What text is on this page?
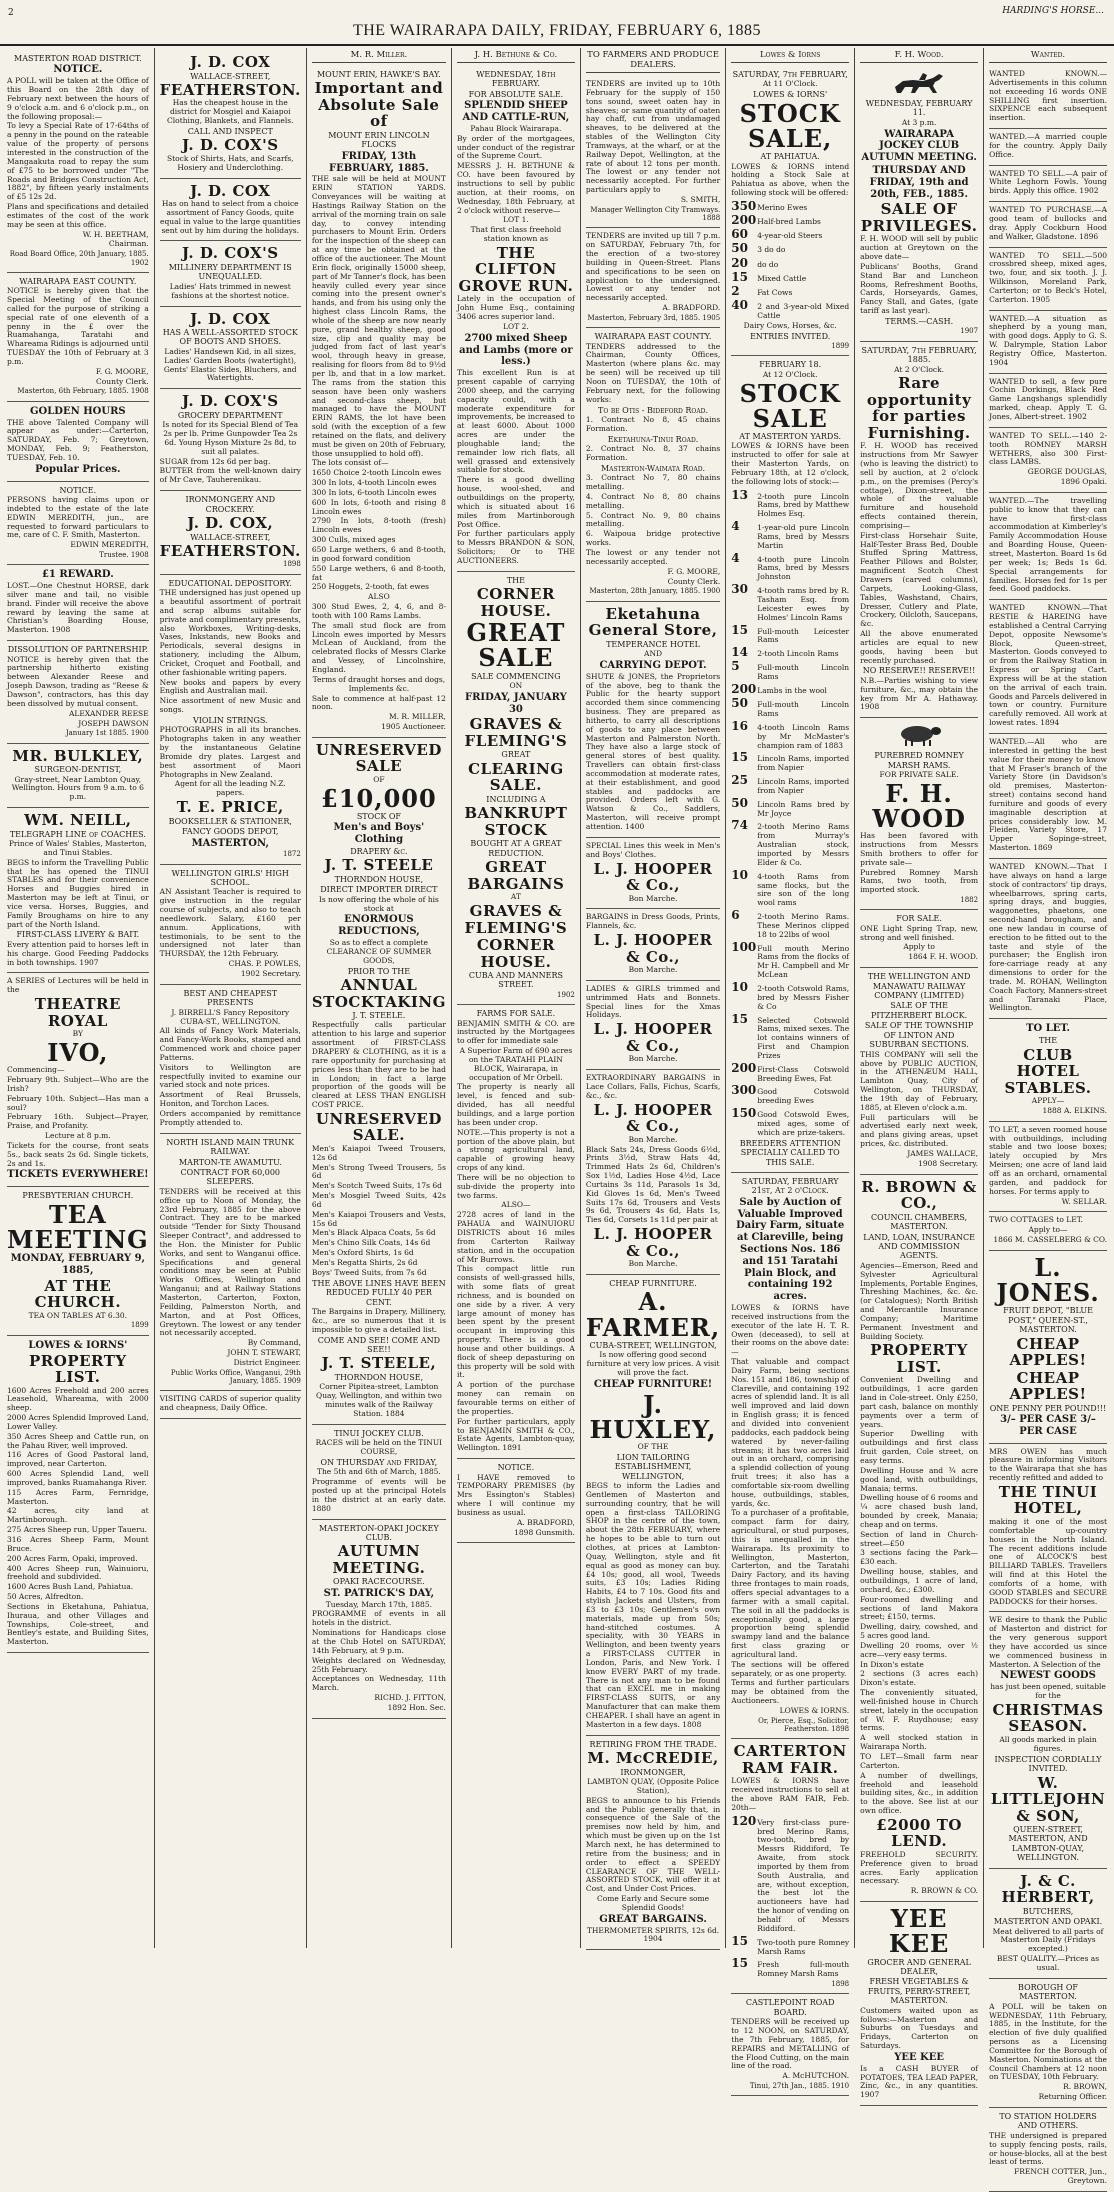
2
THE WAIRARAPA DAILY, FRIDAY, FEBRUARY 6, 1885
HARDING'S HORSE...

MASTERTON ROAD DISTRICT.

NOTICE.

A POLL will be taken at the Office of this Board on the 28th day of February next between the hours of 9 o'clock a.m. and 6 o'clock p.m., on the following proposal:—

To levy a Special Rate of 17-64ths of a penny in the pound on the rateable value of the property of persons interested in the construction of the Mangaakuta road to repay the sum of £75 to be borrowed under "The Roads and Bridges Construction Act, 1882", by fifteen yearly instalments of £5 12s 2d.

Plans and specifications and detailed estimates of the cost of the work may be seen at this office.

W. H. BEETHAM,

Chairman.

Road Board Office, 20th January, 1885. 1902

WAIRARAPA EAST COUNTY.

NOTICE is hereby given that the Special Meeting of the Council called for the purpose of striking a special rate of one eleventh of a penny in the £ over the Ruamahanga, Taratahi and Whareama Ridings is adjourned until TUESDAY the 10th of February at 3 p.m.

F. G. MOORE,

County Clerk.

Masterton, 6th February, 1885. 1908

GOLDEN HOURS

THE above Talented Company will appear as under:—Carterton, SATURDAY, Feb. 7; Greytown, MONDAY, Feb. 9; Featherston, TUESDAY, Feb. 10.

Popular Prices.

NOTICE.

PERSONS having claims upon or indebted to the estate of the late EDWIN MEREDITH, jun., are requested to forward particulars to me, care of C. F. Smith, Masterton.

EDWIN MEREDITH,

Trustee. 1908

£1 REWARD.

LOST.—One Chestnut HORSE, dark silver mane and tail, no visible brand. Finder will receive the above reward by leaving the same at Christian's Boarding House, Masterton. 1908

DISSOLUTION OF PARTNERSHIP.

NOTICE is hereby given that the partnership hitherto existing between Alexander Reese and Joseph Dawson, trading as "Reese & Dawson", contractors, has this day been dissolved by mutual consent.

ALEXANDER REESE

JOSEPH DAWSON

January 1st 1885. 1900

MR. BULKLEY,

SURGEON-DENTIST,

Gray-street, Near Lambton Quay, Wellington. Hours from 9 a.m. to 6 p.m.

WM. NEILL,

TELEGRAPH LINE of COACHES.

Prince of Wales' Stables, Masterton, and Tinui Stables.

BEGS to inform the Travelling Public that he has opened the TINUI STABLES and for their convenience Horses and Buggies hired in Masterton may be left at Tinui, or vice versa. Horses, Buggies, and Family Broughams on hire to any part of the North Island.

FIRST-CLASS LIVERY & BAIT.

Every attention paid to horses left in his charge. Good Feeding Paddocks in both townships. 1907

A SERIES of Lectures will be held in the

THEATRE ROYAL

BY

IVO,

Commencing—

February 9th. Subject—Who are the Irish?

February 10th. Subject—Has man a soul?

February 16th. Subject—Prayer, Praise, and Profanity.

Lecture at 8 p.m.

Tickets for the course, front seats 5s., back seats 2s 6d. Single tickets, 2s and 1s.

TICKETS EVERYWHERE!

PRESBYTERIAN CHURCH.

TEA MEETING

MONDAY, FEBRUARY 9, 1885,

AT THE CHURCH.

TEA ON TABLES AT 6.30.

1899

LOWES & IORNS'

PROPERTY LIST.

1600 Acres Freehold and 200 acres Leasehold, Whareama, with 2000 sheep.

2000 Acres Splendid Improved Land, Lower Valley.

350 Acres Sheep and Cattle run, on the Pahau River, well improved.

116 Acres of Good Pastoral land, improved, near Carterton.

600 Acres Splendid Land, well improved, banks Ruamahanga River.

115 Acres Farm, Fernridge, Masterton.

42 acres, city land at Martinborough.

275 Acres Sheep run, Upper Taueru.

316 Acres Sheep Farm, Mount Bruce.

200 Acres Farm, Opaki, improved.

400 Acres Sheep run, Wainuioru, freehold and subdivided.

1600 Acres Bush Land, Pahiatua.

50 Acres, Alfredton.

Sections in Eketahuna, Pahiatua, Ihuraua, and other Villages and Townships, Cole-street, and Bentley's estate, and Building Sites, Masterton.

J. D. COX

WALLACE-STREET,

FEATHERSTON.

Has the cheapest house in the district for Mosgiel and Kaiapoi Clothing, Blankets, and Flannels.

CALL AND INSPECT

J. D. COX'S

Stock of Shirts, Hats, and Scarfs, Hosiery and Underclothing.

J. D. COX

Has on hand to select from a choice assortment of Fancy Goods, quite equal in value to the large quantities sent out by him during the holidays.

J. D. COX'S

MILLINERY DEPARTMENT IS UNEQUALLED.

Ladies' Hats trimmed in newest fashions at the shortest notice.

J. D. COX

HAS A WELL-ASSORTED STOCK OF BOOTS AND SHOES.

Ladies' Handsewn Kid, in all sizes, Ladies' Garden Boots (watertight), Gents' Elastic Sides, Bluchers, and Watertights.

J. D. COX'S

GROCERY DEPARTMENT

Is noted for its Special Blend of Tea 2s per lb. Prime Gunpowder Tea 2s 6d. Young Hyson Mixture 2s 8d, to suit all palates.

SUGAR from 12s 6d per bag.

BUTTER from the well-known dairy of Mr Cave, Tauherenikau.

IRONMONGERY AND CROCKERY.

J. D. COX,

WALLACE-STREET,

FEATHERSTON.

1898

EDUCATIONAL DEPOSITORY.

THE undersigned has just opened up a beautiful assortment of portrait and scrap albums suitable for private and complimentary presents, also Workboxes, Writing-desks, Vases, Inkstands, new Books and Periodicals, several designs in stationery, including the Album, Cricket, Croquet and Football, and other fashionable writing papers.

New books and papers by every English and Australian mail.

Nice assortment of new Music and songs.

VIOLIN STRINGS.

PHOTOGRAPHS in all its branches. Photographs taken in any weather by the instantaneous Gelatine Bromide dry plates. Largest and best assortment of Maori Photographs in New Zealand.

Agent for all the leading N.Z. papers.

T. E. PRICE,

BOOKSELLER & STATIONER,

FANCY GOODS DEPOT,

MASTERTON,

1872

WELLINGTON GIRLS' HIGH SCHOOL.

AN Assistant Teacher is required to give instruction in the regular course of subjects, and also to teach needlework. Salary, £160 per annum. Applications, with testimonials, to be sent to the undersigned not later than THURSDAY, the 12th February.

CHAS. P. POWLES,

1902 Secretary.

BEST AND CHEAPEST PRESENTS

J. BIRRELL'S Fancy Repository CUBA-ST., WELLINGTON.

All kinds of Fancy Work Materials, and Fancy-Work Books, stamped and Commenced work and choice paper Patterns.

Visitors to Wellington are respectfully invited to examine our varied stock and note prices.

Assortment of Real Brussels, Honiton, and Torchon Laces.

Orders accompanied by remittance Promptly attended to.

NORTH ISLAND MAIN TRUNK RAILWAY.

MARTON-TE AWAMUTU.

CONTRACT FOR 60,000 SLEEPERS.

TENDERS will be received at this office up to Noon of Monday, the 23rd February, 1885 for the above Contract. They are to be marked outside "Tender for Sixty Thousand Sleeper Contract", and addressed to the Hon. the Minister for Public Works, and sent to Wanganui office. Specifications and general conditions may be seen at Public Works Offices, Wellington and Wanganui; and at Railway Stations Masterton, Carterton, Foxton, Feilding, Palmerston North, and Marton, and at Post Offices, Greytown. The lowest or any tender not necessarily accepted.

By Command,

JOHN T. STEWART,

District Engineer.

Public Works Office, Wanganui, 29th January, 1885. 1909

VISITING CARDS of superior quality and cheapness, Daily Office.

M. R. Miller.

MOUNT ERIN, HAWKE'S BAY.

Important and Absolute Sale of

MOUNT ERIN LINCOLN FLOCKS

FRIDAY, 13th FEBRUARY, 1885.

THE sale will be held at MOUNT ERIN STATION YARDS. Conveyances will be waiting at Hastings Railway Station on the arrival of the morning train on sale day, to convey intending purchasers to Mount Erin. Orders for the inspection of the sheep can at any time be obtained at the office of the auctioneer. The Mount Erin flock, originally 15000 sheep, part of Mr Tanner's flock, has been heavily culled every year since coming into the present owner's hands, and from his using only the highest class Lincoln Rams, the whole of the sheep are now nearly pure, grand healthy sheep, good size, clip and quality may be judged from fact of last year's wool, through heavy in grease, realising for floors from 8d to 9½d per lb, and that in a low market. The rams from the station this season have been only washers and second-class sheep, but managed to have the MOUNT ERIN RAMS, the lot have been sold (with the exception of a few retained on the flats, and delivery must be given on 20th of February, those unsupplied to hold off).

The lots consist of—

1650 Choice 2-tooth Lincoln ewes

300 In lots, 4-tooth Lincoln ewes

300 In lots, 6-tooth Lincoln ewes

600 In lots, 6-tooth and rising 8 Lincoln ewes

2790 In lots, 8-tooth (fresh) Lincoln ewes

300 Culls, mixed ages

650 Large wethers, 6 and 8-tooth, in good forward condition

550 Large wethers, 6 and 8-tooth, fat

250 Hoggets, 2-tooth, fat ewes

ALSO

300 Stud Ewes, 2, 4, 6, and 8-tooth with 100 Rams Lambs.

The small stud flock are from Lincoln ewes imported by Messrs McLean of Auckland, from the celebrated flocks of Messrs Clarke and Vessey, of Lincolnshire, England.

Terms of draught horses and dogs, Implements &c.

Sale to commence at half-past 12 noon.

M. R. MILLER,

1905 Auctioneer.

UNRESERVED SALE

OF

£10,000

STOCK OF

Men's and Boys' Clothing

DRAPERY &c.

J. T. STEELE

THORNDON HOUSE,

DIRECT IMPORTER DIRECT

Is now offering the whole of his stock at

ENORMOUS REDUCTIONS,

So as to effect a complete CLEARANCE OF SUMMER GOODS,

PRIOR TO THE

ANNUAL STOCKTAKING

J. T. STEELE.

Respectfully calls particular attention to his large and superior assortment of FIRST-CLASS DRAPERY & CLOTHING, as it is a rare opportunity for purchasing at prices less than they are to be had in London; in fact a large proportion of the goods will be cleared at LESS THAN ENGLISH COST PRICE.

UNRESERVED SALE.

Men's Kaiapoi Tweed Trousers, 12s 6d

Men's Strong Tweed Trousers, 5s 6d

Men's Scotch Tweed Suits, 17s 6d

Men's Mosgiel Tweed Suits, 42s 6d

Men's Kaiapoi Trousers and Vests, 15s 6d

Men's Black Alpaca Coats, 5s 6d

Men's Chino Silk Coats, 14s 6d

Men's Oxford Shirts, 1s 6d

Men's Regatta Shirts, 2s 6d

Boys' Tweed Suits, from 7s 6d

THE ABOVE LINES HAVE BEEN REDUCED FULLY 40 PER CENT.

The Bargains in Drapery, Millinery, &c., are so numerous that it is impossible to give a detailed list.

COME AND SEE! COME AND SEE!!

J. T. STEELE,

THORNDON HOUSE,

Corner Pipitea-street, Lambton Quay, Wellington, and within two minutes walk of the Railway Station. 1884

TINUI JOCKEY CLUB.

RACES will be held on the TINUI COURSE,

ON THURSDAY and FRIDAY,

The 5th and 6th of March, 1885.

Programme of events will be posted up at the principal Hotels in the district at an early date. 1880

MASTERTON-OPAKI JOCKEY CLUB.

AUTUMN MEETING.

OPAKI RACECOURSE.

ST. PATRICK'S DAY,

Tuesday, March 17th, 1885.

PROGRAMME of events in all hotels in the district.

Nominations for Handicaps close at the Club Hotel on SATURDAY, 14th February, at 9 p.m.

Weights declared on Wednesday, 25th February.

Acceptances on Wednesday, 11th March.

RICHD. J. FITTON,

1892 Hon. Sec.

J. H. Bethune & Co.

WEDNESDAY, 18th FEBRUARY.

FOR ABSOLUTE SALE.

SPLENDID SHEEP AND CATTLE-RUN,

Pahau Block Wairarapa.

By order of the mortgagees, under conduct of the registrar of the Supreme Court.

MESSRS J. H. BETHUNE & CO. have been favoured by instructions to sell by public auction, at their rooms, on Wednesday, 18th February, at 2 o'clock without reserve—

LOT 1.

That first class freehold station known as

THE CLIFTON GROVE RUN.

Lately in the occupation of John Hume Esq., containing 3406 acres superior land.

LOT 2.

2700 mixed Sheep and Lambs (more or less.)

This excellent Run is at present capable of carrying 2000 sheep, and the carrying capacity could, with a moderate expenditure for improvements, be increased to at least 6000. About 1000 acres are under the ploughable land; the remainder low rich flats, all well grassed and extensively suitable for stock.

There is a good dwelling house, wool-shed, and outbuildings on the property, which is situated about 16 miles from Martinborough Post Office.

For further particulars apply to Messrs BRANDON & SON, Solicitors; Or to THE AUCTIONEERS.

THE

CORNER HOUSE.

GREAT SALE

SALE COMMENCING

ON

FRIDAY, JANUARY 30

GRAVES & FLEMING'S

GREAT

CLEARING SALE.

INCLUDING A

BANKRUPT STOCK

BOUGHT AT A GREAT REDUCTION.

GREAT BARGAINS

AT

GRAVES & FLEMING'S

CORNER HOUSE.

CUBA AND MANNERS STREET.

1902

FARMS FOR SALE.

BENJAMIN SMITH & CO. are instructed by the Mortgagees to offer for immediate sale

A Superior Farm of 690 acres on the TARATAHI PLAIN BLOCK, Wairarapa, in occupation of Mr Orbell.

The property is nearly all level, is fenced and sub-divided, has all needful buildings, and a large portion has been under crop.

NOTE.—This property is not a portion of the above plain, but a strong agricultural land, capable of growing heavy crops of any kind.

There will be no objection to sub-divide the property into two farms.

ALSO—

2728 acres of land in the PAHAUA and WAINUIORU DISTRICTS about 16 miles from Carterton Railway station, and in the occupation of Mr Burrows.

This compact little run consists of well-grassed hills, with some flats of great richness, and is bounded on one side by a river. A very large amount of money has been spent by the present occupant in improving this property. There is a good house and other buildings. A flock of sheep depasturing on this property will be sold with it.

A portion of the purchase money can remain on favourable terms on either of the properties.

For further particulars, apply to BENJAMIN SMITH & CO., Estate Agents, Lambton-quay, Wellington. 1891

NOTICE.

I HAVE removed to TEMPORARY PREMISES (by Mrs Essington's Stables) where I will continue my business as usual.

A. BRADFORD,

1898 Gunsmith.

TO FARMERS AND PRODUCE DEALERS.

TENDERS are invited up to 10th February for the supply of 150 tons sound, sweet oaten hay in sheaves; or same quantity of oaten hay chaff, cut from undamaged sheaves, to be delivered at the stables of the Wellington City Tramways, at the wharf, or at the Railway Depot, Wellington, at the rate of about 12 tons per month. The lowest or any tender not necessarily accepted. For further particulars apply to

S. SMITH,

Manager Wellington City Tramways. 1888

TENDERS are invited up till 7 p.m. on SATURDAY, February 7th, for the erection of a two-storey building in Queen-Street. Plans and specifications to be seen on application to the undersigned. Lowest or any tender not necessarily accepted.

A. BRADFORD.

Masterton, February 3rd, 1885. 1905

WAIRARAPA EAST COUNTY.

TENDERS addressed to the Chairman, County Offices, Masterton (where plans &c. may be seen) will be received up till Noon on TUESDAY, the 10th of February next, for the following works:

To be Otis - Bideford Road.

1. Contract No 8, 45 chains Formation.

Eketahuna-Tinui Road.

2. Contract No. 8, 37 chains Formation.

Masterton-Waimata Road.

3. Contract No 7, 80 chains metalling.

4. Contract No 8, 80 chains metalling.

5. Contract No. 9, 80 chains metalling.

6. Waipoua bridge protective works.

The lowest or any tender not necessarily accepted.

F. G. MOORE,

County Clerk.

Masterton, 28th January, 1885. 1900

Eketahuna General Store,

TEMPERANCE HOTEL

AND

CARRYING DEPOT.

SHUTE & JONES, the Proprietors of the above, beg to thank the Public for the hearty support accorded them since commencing business. They are prepared as hitherto, to carry all descriptions of goods to any place between Masterton and Palmerston North. They have also a large stock of general stores of best quality. Travellers can obtain first-class accommodation at moderate rates, at their establishment, and good stables and paddocks are provided. Orders left with G. Watson & Co., Saddlers, Masterton, will receive prompt attention. 1400

SPECIAL Lines this week in Men's and Boys' Clothes.

L. J. HOOPER & Co.,

Bon Marche.

BARGAINS in Dress Goods, Prints, Flannels, &c.

L. J. HOOPER & Co.,

Bon Marche.

LADIES & GIRLS trimmed and untrimmed Hats and Bonnets. Special lines for the Xmas Holidays.

L. J. HOOPER & Co.,

Bon Marche.

EXTRAORDINARY BARGAINS in Lace Collars, Falls, Fichus, Scarfs, &c., &c.

L. J. HOOPER & Co.,

Bon Marche.

Black Sats 24s, Dress Goods 6½d, Prints 3½d, Straw Hats 4d, Trimmed Hats 2s 6d, Children's Sox 1½d, Ladies Hose 4½d, Lace Curtains 3s 11d, Parasols 1s 3d, Kid Gloves 1s 6d, Men's Tweed Suits 17s 6d, Trousers and Vests 9s 6d, Trousers 4s 6d, Hats 1s, Ties 6d, Corsets 1s 11d per pair at

L. J. HOOPER & Co.,

Bon Marche.

CHEAP FURNITURE.

A. FARMER,

CUBA-STREET, WELLINGTON,

Is now offering good second furniture at very low prices. A visit will prove the fact.

CHEAP FURNITURE!

J. HUXLEY,

OF THE

LION TAILORING ESTABLISHMENT, WELLINGTON,

BEGS to inform the Ladies and Gentlemen of Masterton and surrounding country, that he will open a first-class TAILORING SHOP in the centre of the town, about the 28th FEBRUARY, where he hopes to be able to turn out clothes, at prices at Lambton-Quay, Wellington, style and fit equal as good as money can buy. £4 10s; good, all wool, Tweeds suits, £3 10s; Ladies Riding Habits, £4 to 7 10s. Good fits and stylish Jackets and Ulsters, from £3 to £3 10s; Gentlemen's own materials, made up from 50s; hand-stitched costumes. A speciality, with 30 YEARS in Wellington, and been twenty years a FIRST-CLASS CUTTER in London, Paris, and New York. I know EVERY PART of my trade. There is not any man to be found that can EXCEL me in making FIRST-CLASS SUITS, or any Manufacturer that can make them CHEAPER. I shall have an agent in Masterton in a few days. 1808

RETIRING FROM THE TRADE.

M. McCREDIE,

IRONMONGER,

LAMBTON QUAY, (Opposite Police Station),

BEGS to announce to his Friends and the Public generally that, in consequence of the Sale of the premises now held by him, and which must be given up on the 1st March next, he has determined to retire from the business; and in order to effect a SPEEDY CLEARANCE OF THE WELL-ASSORTED STOCK, will offer it at Cost, and Under Cost Prices.

Come Early and Secure some Splendid Goods!

GREAT BARGAINS.

THERMOMETER SPIRITS, 12s 6d. 1904

Lowes & Iorns

SATURDAY, 7th FEBRUARY,

At 11 O'Clock.

LOWES & IORNS'

STOCK SALE,

AT PAHIATUA.

LOWES & IORNS intend holding a Stock Sale at Pahiatua as above, when the following stock will be offered:

350 Merino Ewes
200 Half-bred Lambs
60	4-year-old Steers
50	3 do do
20	do do
15	Mixed Cattle
2	Fat Cows
40	2 and 3-year-old Mixed Cattle

Dairy Cows, Horses, &c.

ENTRIES INVITED.

1899

FEBRUARY 18.

At 12 O'Clock.

STOCK SALE

AT MASTERTON YARDS.

LOWES & IORNS have been instructed to offer for sale at their Masterton Yards, on February 18th, at 12 o'clock, the following lots of stock:—

13	2-tooth pure Lincoln Rams, bred by Matthew Holmes Esq.
4	1-year-old pure Lincoln Rams, bred by Messrs Martin
4	4-tooth pure Lincoln Rams, bred by Messrs Johnston
30	4-tooth rams bred by R. Tasham Esq. from Leicester ewes by Holmes' Lincoln Rams
15	Full-mouth Leicester Rams
14	2-tooth Lincoln Rams
5	Full-mouth Lincoln Rams
200 Lambs in the wool
50	Full-mouth Lincoln Rams
16	4-tooth Lincoln Rams by Mr McMaster's champion ram of 1883
15	Lincoln Rams, imported from Napier
25	Lincoln Rams, imported from Napier
50	Lincoln Rams bred by Mr Joyce
74	2-tooth Merino Rams from Murray's Australian stock, imported by Messrs Elder & Co.
10	4-tooth Rams from same flocks, but the sire son of the long wool rams
6	2-tooth Merino Rams. These Merinos clipped 18 to 22lbs of wool
100 Full mouth Merino Rams from the flocks of Mr H. Campbell and Mr McLean
10	2-tooth Cotswold Rams, bred by Messrs Fisher & Co
15	Selected Cotswold Rams, mixed sexes. The lot contains winners of First and Champion Prizes
200 First-Class Cotswold Breeding Ewes, Fat
300 Good Cotswold breeding Ewes
150 Good Cotswold Ewes, mixed ages, some of which are prize-takers.

BREEDERS ATTENTION SPECIALLY CALLED TO THIS SALE.

SATURDAY, FEBRUARY 21st, At 2 o'Clock.

Sale by Auction of Valuable Improved Dairy Farm, situate at Clareville, being Sections Nos. 186 and 151 Taratahi Plain Block, and containing 192 acres.

LOWES & IORNS have received instructions from the executor of the late H. T. R. Owen (deceased), to sell at their rooms on the above date:—

That valuable and compact Dairy Farm, being sections Nos. 151 and 186, township of Clareville, and containing 192 acres of splendid land. It is all well improved and laid down in English grass; it is fenced and divided into convenient paddocks, each paddock being watered by never-failing streams; it has two acres laid out in an orchard, comprising a splendid collection of young fruit trees; it also has a comfortable six-room dwelling house, outbuildings, stables, yards, &c.

To a purchaser of a profitable, compact farm for dairy, agricultural, or stud purposes, this is unequalled in the Wairarapa. Its proximity to Wellington, Masterton, Carterton, and the Taratahi Dairy Factory, and its having three frontages to main roads, offers special advantages to a farmer with a small capital. The soil in all the paddocks is exceptionally good, a large proportion being splendid swampy land and the balance first class grazing or agricultural land.

The sections will be offered separately, or as one property.

Terms and further particulars may be obtained from the Auctioneers.

LOWES & IORNS.

Or, Pierce, Esq., Solicitor, Featherston. 1898

CARTERTON RAM FAIR.

LOWES & IORNS have received instructions to sell at the above RAM FAIR, Feb. 20th—

120 Very first-class pure-bred Merino Rams, two-tooth, bred by Messrs Riddiford, Te Awaite, from stock imported by them from South Australia, and are, without exception, the best lot the auctioneers have had the honor of vending on behalf of Messrs Riddiford.
15	Two-tooth pure Romney Marsh Rams
15	Fresh full-mouth Romney Marsh Rams

1898

CASTLEPOINT ROAD BOARD.

TENDERS will be received up to 12 NOON, on SATURDAY, the 7th February, 1885, for REPAIRS and METALLING of the Flood Cutting, on the main line of the road.

A. McHUTCHON.

Tinui, 27th Jan., 1885. 1910

F. H. Wood.

WEDNESDAY, FEBRUARY 11.

At 3 p.m.

WAIRARAPA JOCKEY CLUB AUTUMN MEETING.

THURSDAY AND FRIDAY, 19th and 20th, FEB., 1885.

SALE OF PRIVILEGES.

F. H. WOOD will sell by public auction at Greytown on the above date—

Publicans' Booths, Grand Stand Bar and Luncheon Rooms, Refreshment Booths, Cards, Horseyards, Games, Fancy Stall, and Gates, (gate tariff as last year).

TERMS.—CASH.

1907

SATURDAY, 7th FEBRUARY, 1885.

At 2 O'Clock.

Rare opportunity for parties Furnishing.

F. H. WOOD has received instructions from Mr Sawyer (who is leaving the district) to sell by auction, at 2 o'clock p.m., on the premises (Percy's cottage), Dixon-street, the whole of the valuable furniture and household effects contained therein, comprising—

First-class Horsehair Suite, Half-Tester Brass Bed, Double Stuffed Spring Mattress, Feather Pillows and Bolster, magnificent Scotch Chest Drawers (carved columns), Carpets, Looking-Glass, Tables, Washstand, Chairs, Dresser, Cutlery and Plate, Crockery, Oilcloth, Saucepans, &c.

All the above enumerated articles are equal to new goods, having been but recently purchased.

NO RESERVE!! RESERVE!!

N.B.—Parties wishing to view furniture, &c., may obtain the key from Mr A. Hathaway. 1908

PUREBRED ROMNEY MARSH RAMS.

FOR PRIVATE SALE.

F. H. WOOD

Has been favored with instructions from Messrs Smith brothers to offer for private sale—

Purebred Romney Marsh Rams, two tooth, from imported stock.

1882

FOR SALE.

ONE Light Spring Trap, new, strong and well finished.

Apply to

1864 F. H. WOOD.

THE WELLINGTON AND MANAWATU RAILWAY COMPANY (LIMITED)

SALE OF THE PITZHERBERT BLOCK.

SALE OF THE TOWNSHIP OF LINTON AND SUBURBAN SECTIONS.

THIS COMPANY will sell the above by PUBLIC AUCTION, in the ATHENÆUM HALL, Lambton Quay, City of Wellington, on THURSDAY, the 19th day of February, 1885, at Eleven o'clock a.m.

Full particulars will be advertised early next week, and plans giving areas, upset prices, &c. distributed.

JAMES WALLACE,

1908 Secretary.

R. BROWN & CO.,

COUNCIL CHAMBERS, MASTERTON.

LAND, LOAN, INSURANCE AND COMMISSION AGENTS.

Agencies—Emerson, Reed and Sylvester Agricultural Implements, Portable Engines, Threshing Machines, &c. &c. (or Catalogues); North British and Mercantile Insurance Company; Maritime Permanent Investment and Building Society.

PROPERTY LIST.

Convenient Dwelling and outbuildings, 1 acre garden land in Cole-street. Only £250, part cash, balance on monthly payments over a term of years.

Superior Dwelling with outbuildings and first class fruit garden, Cole street, on easy terms.

Dwelling House and ¾ acre good land, with outbuildings, Manaia; terms.

Dwelling house of 6 rooms and ¼ acre chased bush land, bounded by creek, Manaia; cheap and on terms.

Section of land in Church-street—£50

3 sections facing the Park—£30 each.

Dwelling house, stables, and outbuildings, 1 acre of land, orchard, &c.; £300.

Four-roomed dwelling and sections of land Makora street; £150, terms.

Dwelling, dairy, cowshed, and 5 acres good land.

Dwelling 20 rooms, over ½ acre—very easy terms.

In Dixon's estate

2 sections (3 acres each) Dixon's estate.

The conveniently situated, well-finished house in Church street, lately in the occupation of W. F. Ruydhouse; easy terms.

A well stocked station in Wairarapa North.

TO LET—Small farm near Carterton.

A number of dwellings, freehold and leasehold building sites, &c., in addition to the above. See list at our own office.

£2000 TO LEND.

FREEHOLD SECURITY. Preference given to broad acres. Early application necessary.

R. BROWN & CO.

YEE KEE

GROCER AND GENERAL DEALER,

FRESH VEGETABLES & FRUITS, PERRY-STREET, MASTERTON.

Customers waited upon as follows:—Masterton and Suburbs on Tuesdays and Fridays, Carterton on Saturdays.

YEE KEE

Is a CASH BUYER of POTATOES, TEA LEAD PAPER, Zinc, &c., in any quantities. 1907

Wanted.

WANTED KNOWN.—Advertisements in this column not exceeding 16 words ONE SHILLING first insertion. SIXPENCE each subsequent insertion.

WANTED.—A married couple for the country. Apply Daily Office.

WANTED TO SELL.—A pair of White Leghorn Fowls. Young birds. Apply this office. 1902

WANTED TO PURCHASE.—A good team of bullocks and dray. Apply Cockburn Hood and Walker, Gladstone. 1896

WANTED TO SELL.—500 crossbred sheep, mixed ages, two, four, and six tooth. J. J. Wilkinson, Moreland Park, Carterton; or to Beck's Hotel, Carterton. 1905

WANTED.—A situation as shepherd by a young man, with good dogs. Apply to G. S. W. Dalrymple, Station Labor Registry Office, Masterton. 1904

WANTED to sell, a few pure Cochin Dorkings, Black Red Game Langshangs splendidly marked, cheap. Apply T. G. Jones, Albert-street. 1902

WANTED TO SELL.—140 2-tooth ROMNEY MARSH WETHERS, also 300 First-class LAMBS.

GEORGE DOUGLAS,

1896 Opaki.

WANTED.—The travelling public to know that they can have first-class accommodation at Kimberley's Family Accommodation House and Boarding House, Queen-street, Masterton. Board 1s 6d per week; 1s; Beds 1s 6d. Special arrangements for families. Horses fed for 1s per feed. Good paddocks.

WANTED KNOWN.—That RESTIE & HAREING have established a Central Carrying Depot, opposite Newsome's Block, Queen-street, Masterton. Goods conveyed to or from the Railway Station in Express or Spring Cart. Express will be at the station on the arrival of each train. Goods and Parcels delivered in town or country. Furniture carefully removed. All work at lowest rates. 1894

WANTED.—All who are interested in getting the best value for their money to know that M Fraser's branch of the Variety Store (in Davidson's old premises, Masterton-street) contains second hand furniture and goods of every imaginable description at prices considerably low. M. Fleiden, Variety Store, 17 Upper Sopinge-street, Masterton. 1869

WANTED KNOWN.—That I have always on hand a large stock of contractors' tip drays, wheelbarrows, spring carts, spring drays, and buggies, waggonettes, phaetons, one second-hand brougham, and one new landau in course of erection to be fitted out to the taste and style of the purchaser; the English iron fore-carriage ready at any dimensions to order for the trade. M. ROHAN, Wellington Coach Factory, Manners-street and Taranaki Place, Wellington.

TO LET.

THE

CLUB HOTEL STABLES.

APPLY—

1888 A. ELKINS.

TO LET, a seven roomed house with outbuildings, including stable and two loose boxes; lately occupied by Mrs Meirsen; one acre of land laid off as an orchard, ornamental garden, and paddock for horses. For terms apply to

W. SELLAR.

TWO COTTAGES to LET.

Apply to—

1866 M. CASSELBERG & CO.

L. JONES.

FRUIT DEPOT, "BLUE POST," QUEEN-ST., MASTERTON.

CHEAP APPLES!

CHEAP APPLES!

ONE PENNY PER POUND!!!

3/– PER CASE 3/– PER CASE

MRS OWEN has much pleasure in informing Visitors to the Wairarapa that she has recently refitted and added to

THE TINUI HOTEL,

making it one of the most comfortable up-country houses in the North Island. The recent additions include one of ALCOCK'S best BILLIARD TABLES. Travellers will find at this Hotel the comforts of a home, with GOOD STABLES and SECURE PADDOCKS for their horses.

WE desire to thank the Public of Masterton and district for the very generous support they have accorded us since we commenced business in Masterton. A Selection of the

NEWEST GOODS

has just been opened, suitable for the

CHRISTMAS SEASON.

All goods marked in plain figures.

INSPECTION CORDIALLY INVITED.

W. LITTLEJOHN & SON,

QUEEN-STREET, MASTERTON, AND LAMBTON-QUAY, WELLINGTON.

J. & C. HERBERT,

BUTCHERS,

MASTERTON AND OPAKI.

Meat delivered to all parts of Masterton Daily (Fridays excepted.)

BEST QUALITY.—Prices as usual.

BOROUGH OF MASTERTON.

A POLL will be taken on WEDNESDAY, 11th February, 1885, in the Institute, for the election of five duly qualified persons as a Licensing Committee for the Borough of Masterton. Nominations at the Council Chambers at 12 noon on TUESDAY, 10th February.

R. BROWN,

Returning Officer.

TO STATION HOLDERS AND OTHERS.

THE undersigned is prepared to supply fencing posts, rails, or house-blocks, all at the best least of terms.

FRENCH COTTER, Jun., Greytown.
